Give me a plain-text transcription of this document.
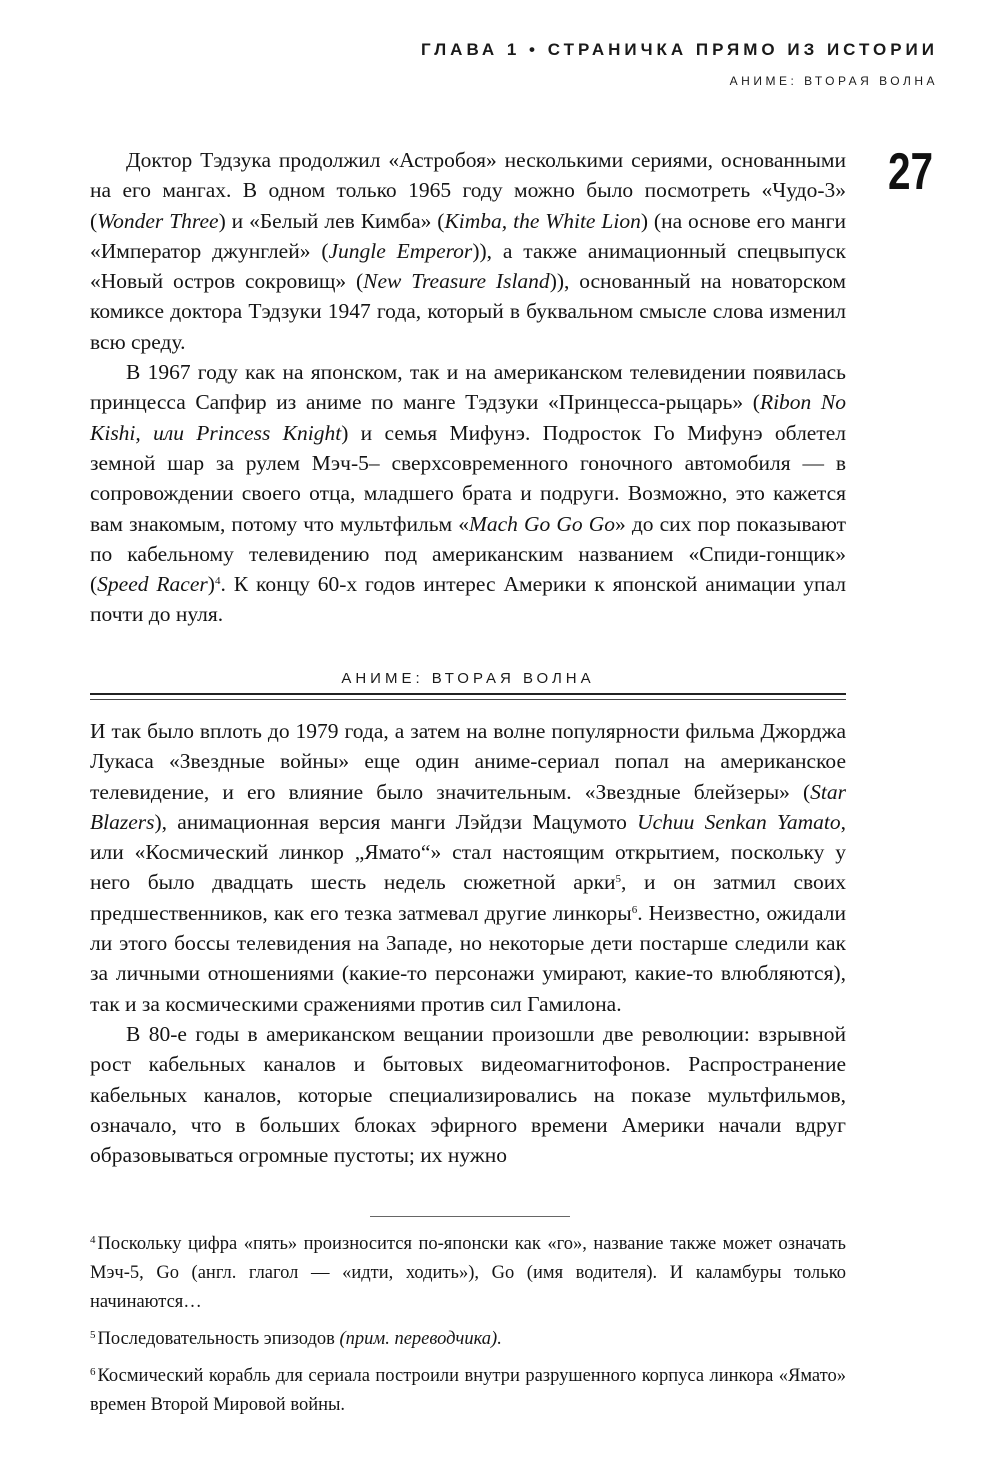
ГЛАВА 1 • СТРАНИЧКА ПРЯМО ИЗ ИСТОРИИ
АНИМЕ: ВТОРАЯ ВОЛНА
27

Доктор Тэдзука продолжил «Астробоя» несколькими сериями, основанными на его мангах. В одном только 1965 году можно было посмотреть «Чудо-3» (Wonder Three) и «Белый лев Кимба» (Kimba, the White Lion) (на основе его манги «Император джунглей» (Jungle Emperor)), а также анимационный спецвыпуск «Новый остров сокровищ» (New Treasure Island)), основанный на новаторском комиксе доктора Тэдзуки 1947 года, который в буквальном смысле слова изменил всю среду.

В 1967 году как на японском, так и на американском телевидении появилась принцесса Сапфир из аниме по манге Тэдзуки «Принцесса-рыцарь» (Ribon No Kishi, или Princess Knight) и семья Мифунэ. Подросток Го Мифунэ облетел земной шар за рулем Мэч-5– сверхсовременного гоночного автомобиля — в сопровождении своего отца, младшего брата и подруги. Возможно, это кажется вам знакомым, потому что мультфильм «Mach Go Go Go» до сих пор показывают по кабельному телевидению под американским названием «Спиди-гонщик» (Speed Racer)$^4$. К концу 60-х годов интерес Америки к японской анимации упал почти до нуля.

АНИМЕ: ВТОРАЯ ВОЛНА

И так было вплоть до 1979 года, а затем на волне популярности фильма Джорджа Лукаса «Звездные войны» еще один аниме-сериал попал на американское телевидение, и его влияние было значительным. «Звездные блейзеры» (Star Blazers), анимационная версия манги Лэйдзи Мацумото Uchuu Senkan Yamato, или «Космический линкор „Ямато“» стал настоящим открытием, поскольку у него было двадцать шесть недель сюжетной арки$^5$, и он затмил своих предшественников, как его тезка затмевал другие линкоры$^6$. Неизвестно, ожидали ли этого боссы телевидения на Западе, но некоторые дети постарше следили как за личными отношениями (какие-то персонажи умирают, какие-то влюбляются), так и за космическими сражениями против сил Гамилона.

В 80-е годы в американском вещании произошли две революции: взрывной рост кабельных каналов и бытовых видеомагнитофонов. Распространение кабельных каналов, которые специализировались на показе мультфильмов, означало, что в больших блоках эфирного времени Америки начали вдруг образовываться огромные пустоты; их нужно

$^4$ Поскольку цифра «пять» произносится по-японски как «го», название также может означать Мэч-5, Go (англ. глагол — «идти, ходить»), Go (имя водителя). И каламбуры только начинаются…

$^5$ Последовательность эпизодов (прим. переводчика).

$^6$ Космический корабль для сериала построили внутри разрушенного корпуса линкора «Ямато» времен Второй Мировой войны.
